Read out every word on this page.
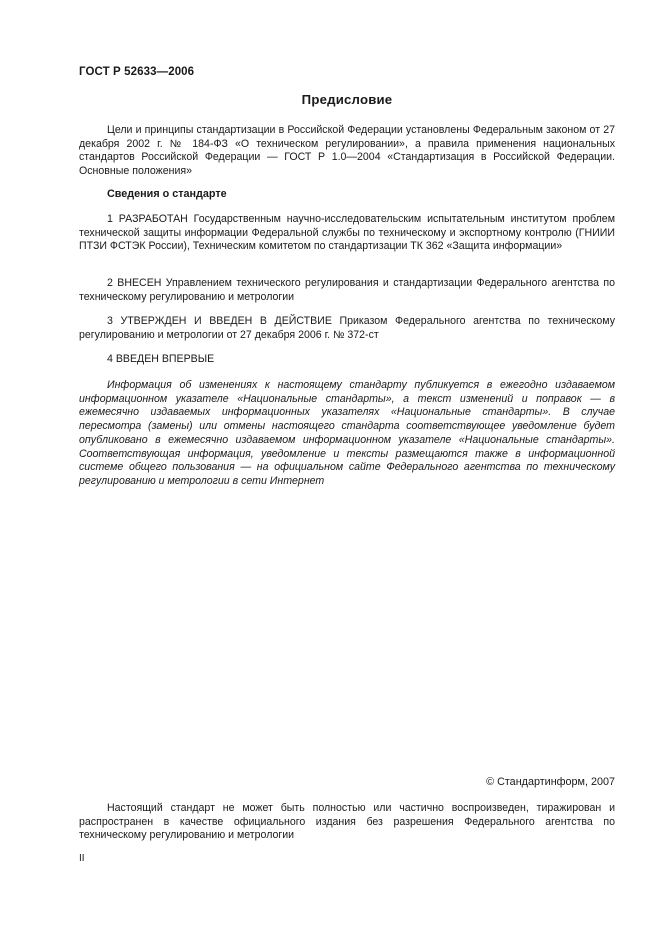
ГОСТ Р 52633—2006
Предисловие

Цели и принципы стандартизации в Российской Федерации установлены Федеральным законом от 27 декабря 2002 г. № 184-ФЗ «О техническом регулировании», а правила применения национальных стандартов Российской Федерации — ГОСТ Р 1.0—2004 «Стандартизация в Российской Федерации. Основные положения»

Сведения о стандарте

1 РАЗРАБОТАН Государственным научно-исследовательским испытательным институтом проблем технической защиты информации Федеральной службы по техническому и экспортному контролю (ГНИИИ ПТЗИ ФСТЭК России), Техническим комитетом по стандартизации ТК 362 «Защита информации»

2 ВНЕСЕН Управлением технического регулирования и стандартизации Федерального агентства по техническому регулированию и метрологии

3 УТВЕРЖДЕН И ВВЕДЕН В ДЕЙСТВИЕ Приказом Федерального агентства по техническому регулированию и метрологии от 27 декабря 2006 г. № 372-ст

4 ВВЕДЕН ВПЕРВЫЕ

Информация об изменениях к настоящему стандарту публикуется в ежегодно издаваемом информационном указателе «Национальные стандарты», а текст изменений и поправок — в ежемесячно издаваемых информационных указателях «Национальные стандарты». В случае пересмотра (замены) или отмены настоящего стандарта соответствующее уведомление будет опубликовано в ежемесячно издаваемом информационном указателе «Национальные стандарты». Соответствующая информация, уведомление и тексты размещаются также в информационной системе общего пользования — на официальном сайте Федерального агентства по техническому регулированию и метрологии в сети Интернет

© Стандартинформ, 2007

Настоящий стандарт не может быть полностью или частично воспроизведен, тиражирован и распространен в качестве официального издания без разрешения Федерального агентства по техническому регулированию и метрологии

II
